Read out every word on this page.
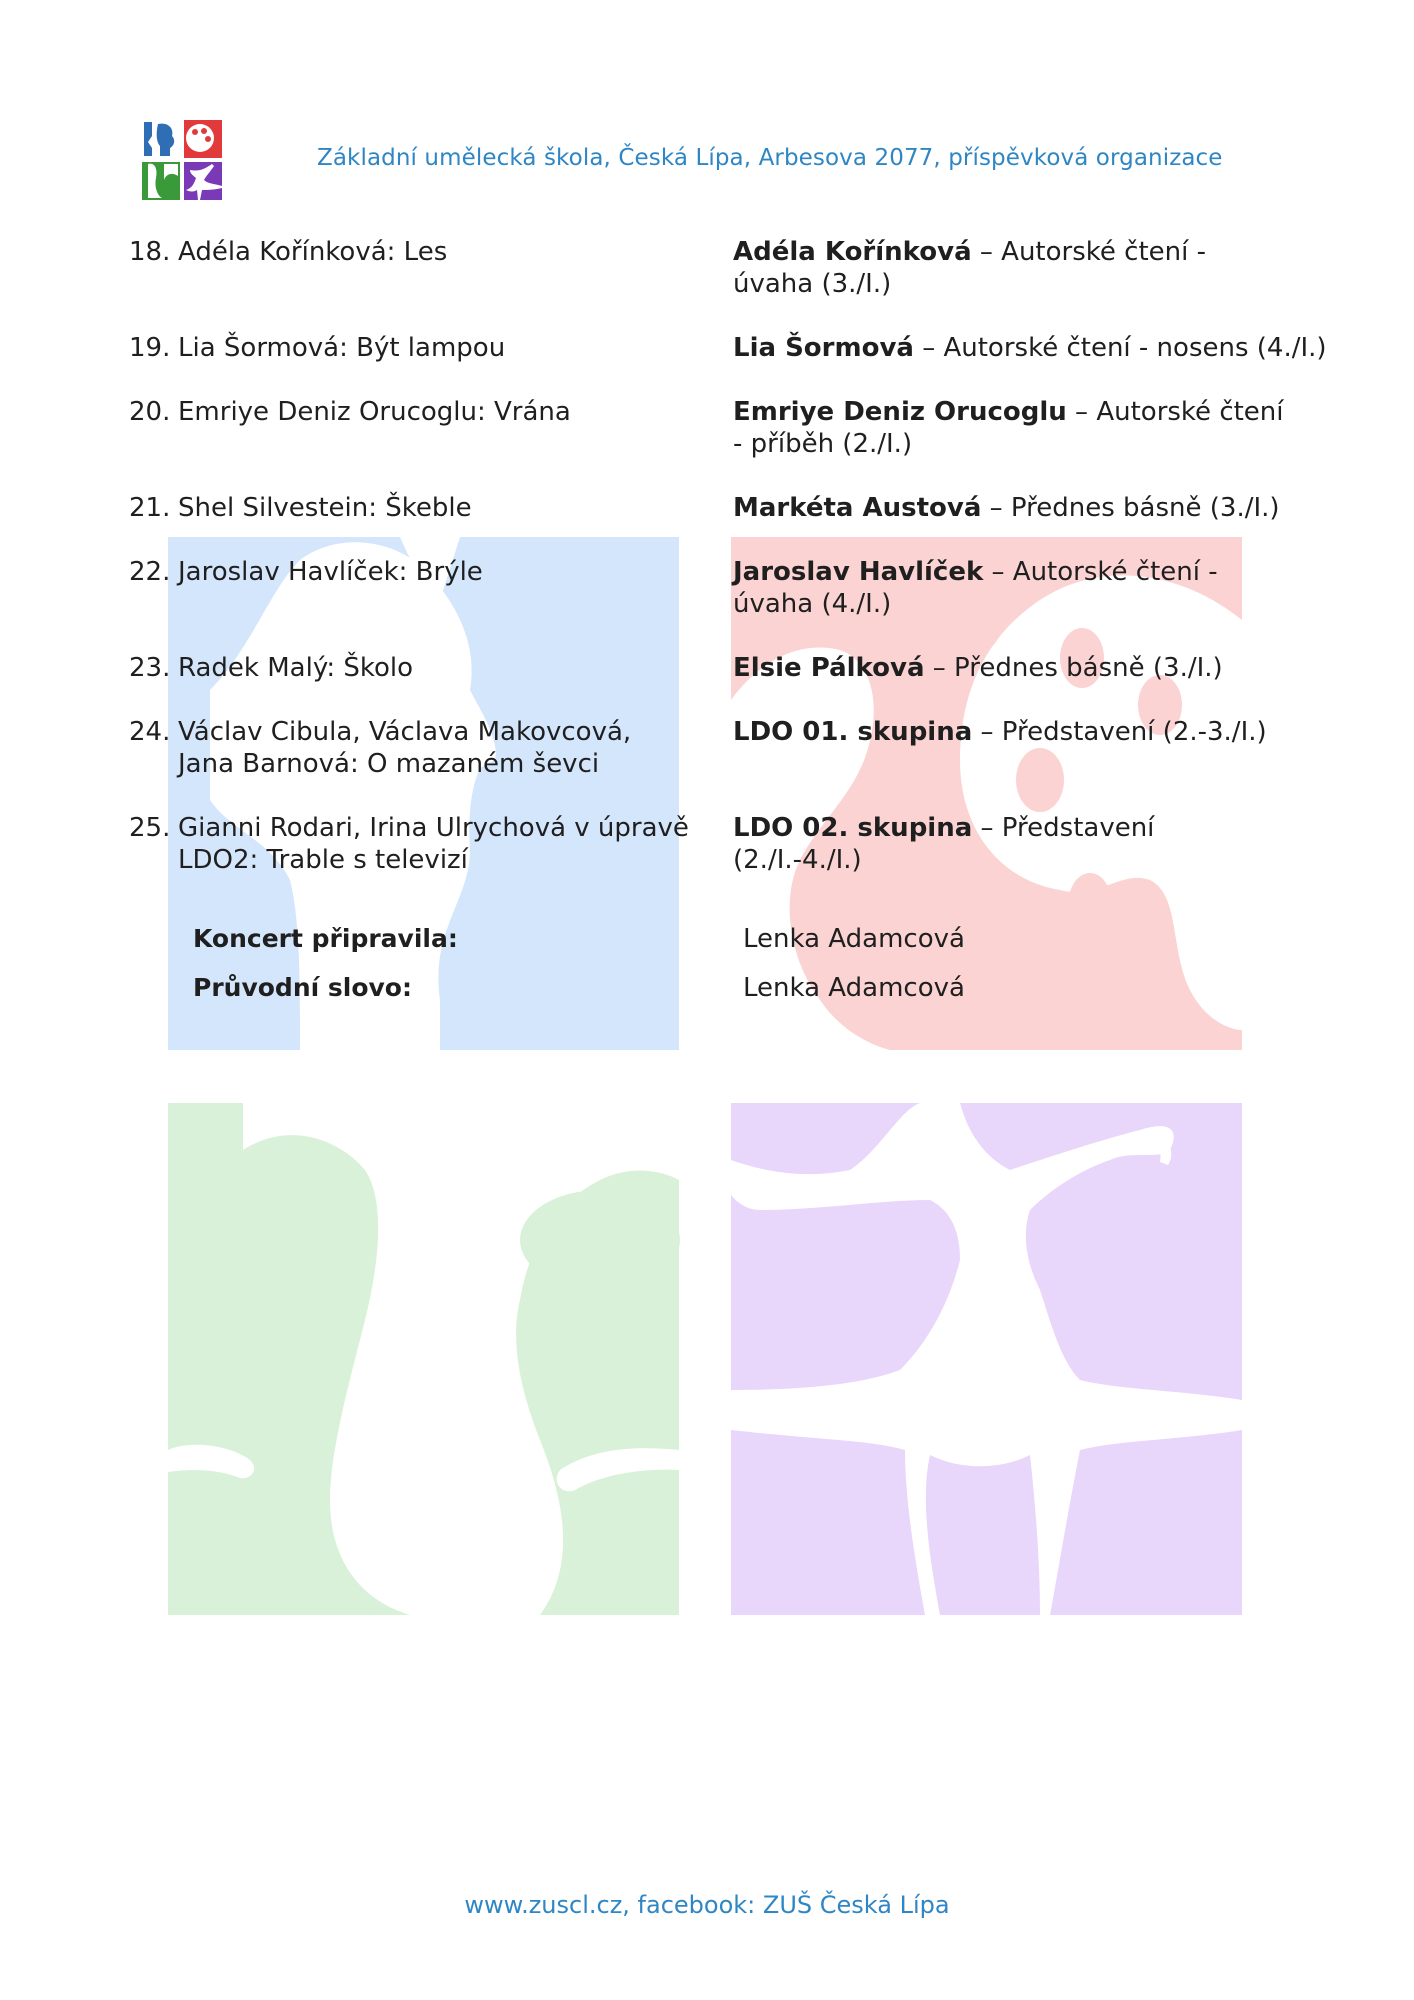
Základní umělecká škola, Česká Lípa, Arbesova 2077, příspěvková organizace
18. Adéla Kořínková: Les
19. Lia Šormová: Být lampou
20. Emriye Deniz Orucoglu: Vrána
21. Shel Silvestein: Škeble
22. Jaroslav Havlíček: Brýle
23. Radek Malý: Školo
24. Václav Cibula, Václava Makovcová, Jana Barnová: O mazaném ševci
25. Gianni Rodari, Irina Ulrychová v úpravě LDO2: Trable s televizí
Adéla Kořínková – Autorské čtení - úvaha (3./I.)
Lia Šormová – Autorské čtení - nosens (4./I.)
Emriye Deniz Orucoglu – Autorské čtení - příběh (2./I.)
Markéta Austová – Přednes básně (3./I.)
Jaroslav Havlíček – Autorské čtení - úvaha (4./I.)
Elsie Pálková – Přednes básně (3./I.)
LDO 01. skupina – Představení (2.-3./I.)
LDO 02. skupina – Představení (2./I.-4./I.)
Koncert připravila:	Lenka Adamcová
Průvodní slovo:	Lenka Adamcová
www.zuscl.cz, facebook: ZUŠ Česká Lípa
